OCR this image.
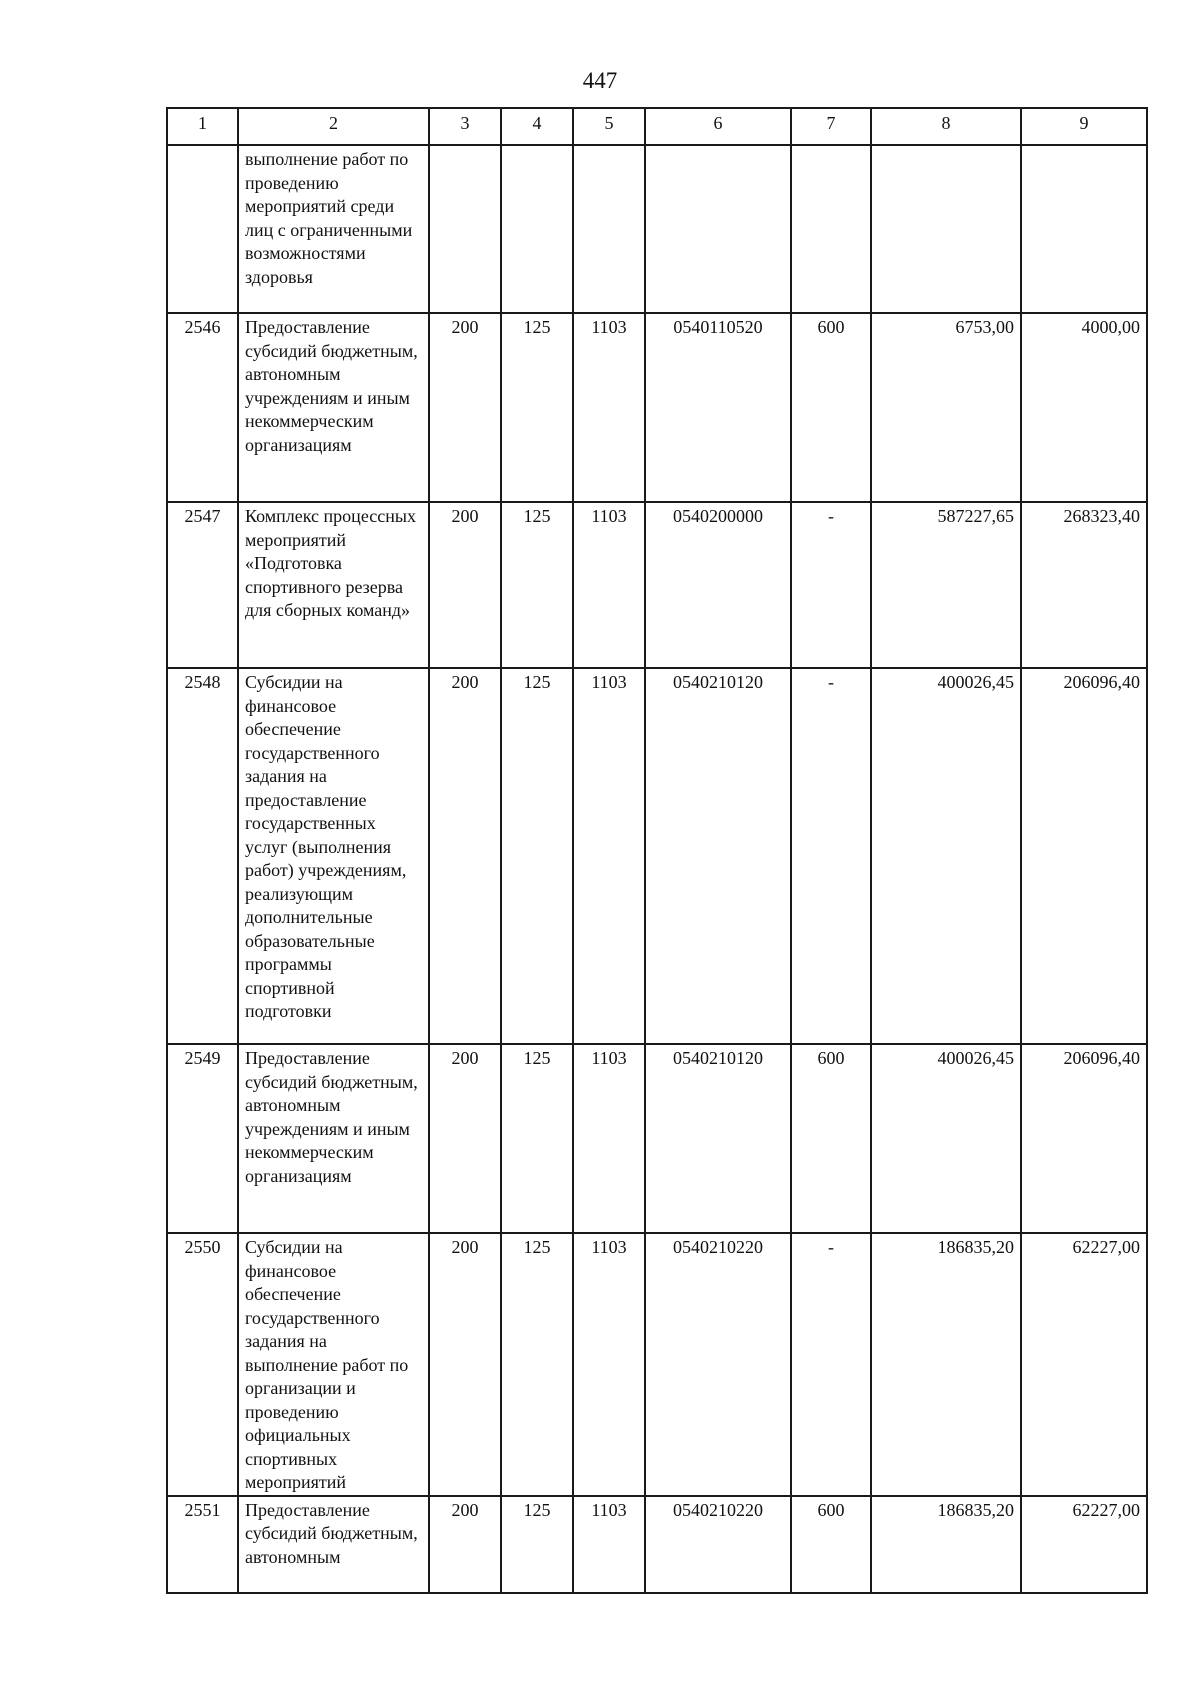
447
1	2	3	4	5	6	7	8	9
	выполнение работ по проведению мероприятий среди лиц с ограниченными возможностями здоровья							
2546	Предоставление субсидий бюджетным, автономным учреждениям и иным некоммерческим организациям	200	125	1103	0540110520	600	6753,00	4000,00
2547	Комплекс процессных мероприятий «Подготовка спортивного резерва для сборных команд»	200	125	1103	0540200000	-	587227,65	268323,40
2548	Субсидии на финансовое обеспечение государственного задания на предоставление государственных услуг (выполнения работ) учреждениям, реализующим дополнительные образовательные программы спортивной подготовки	200	125	1103	0540210120	-	400026,45	206096,40
2549	Предоставление субсидий бюджетным, автономным учреждениям и иным некоммерческим организациям	200	125	1103	0540210120	600	400026,45	206096,40
2550	Субсидии на финансовое обеспечение государственного задания на выполнение работ по организации и проведению официальных спортивных мероприятий	200	125	1103	0540210220	-	186835,20	62227,00
2551	Предоставление субсидий бюджетным, автономным	200	125	1103	0540210220	600	186835,20	62227,00
